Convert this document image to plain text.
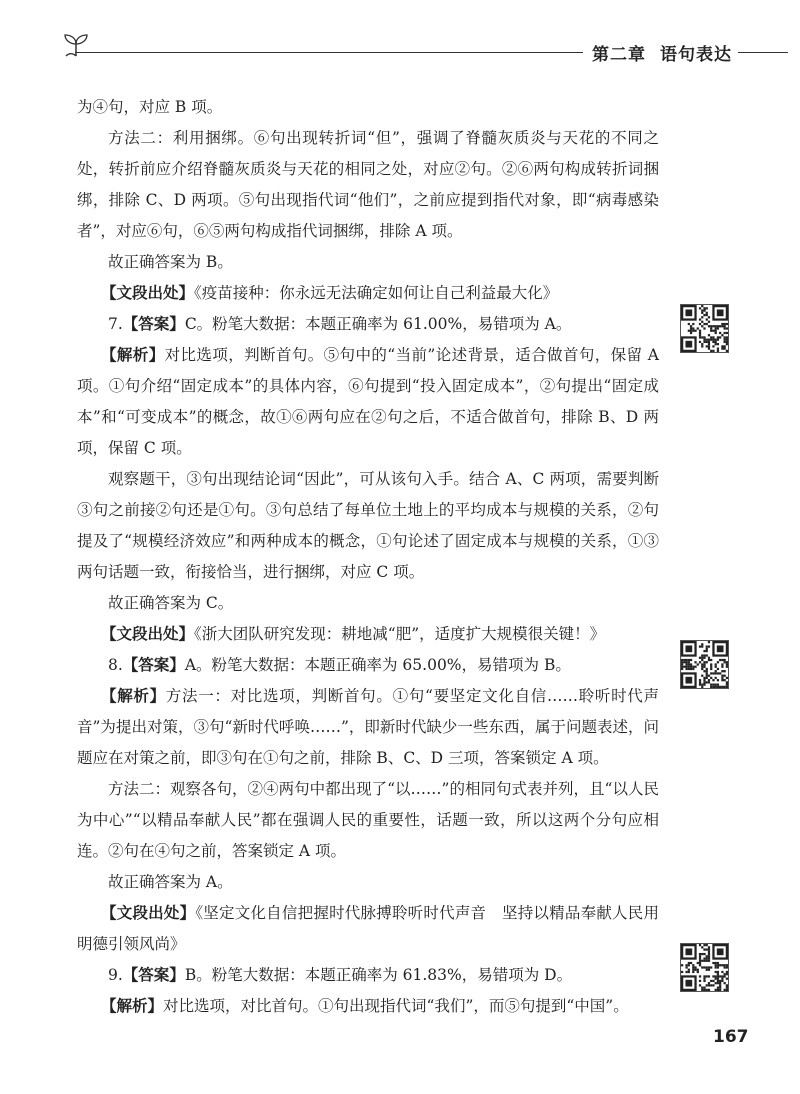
第二章 语句表达

为④句，对应 B 项。

方法二：利用捆绑。⑥句出现转折词“但”，强调了脊髓灰质炎与天花的不同之处，转折前应介绍脊髓灰质炎与天花的相同之处，对应②句。②⑥两句构成转折词捆绑，排除 C、D 两项。⑤句出现指代词“他们”，之前应提到指代对象，即“病毒感染者”，对应⑥句，⑥⑤两句构成指代词捆绑，排除 A 项。

故正确答案为 B。

【文段出处】《疫苗接种：你永远无法确定如何让自己利益最大化》

7.【答案】C。粉笔大数据：本题正确率为 61.00%，易错项为 A。

【解析】对比选项，判断首句。⑤句中的“当前”论述背景，适合做首句，保留 A 项。①句介绍“固定成本”的具体内容，⑥句提到“投入固定成本”，②句提出“固定成本”和“可变成本”的概念，故①⑥两句应在②句之后，不适合做首句，排除 B、D 两项，保留 C 项。

观察题干，③句出现结论词“因此”，可从该句入手。结合 A、C 两项，需要判断③句之前接②句还是①句。③句总结了每单位土地上的平均成本与规模的关系，②句提及了“规模经济效应”和两种成本的概念，①句论述了固定成本与规模的关系，①③两句话题一致，衔接恰当，进行捆绑，对应 C 项。

故正确答案为 C。

【文段出处】《浙大团队研究发现：耕地减“肥”，适度扩大规模很关键！》

8.【答案】A。粉笔大数据：本题正确率为 65.00%，易错项为 B。

【解析】方法一：对比选项，判断首句。①句“要坚定文化自信……聆听时代声音”为提出对策，③句“新时代呼唤……”，即新时代缺少一些东西，属于问题表述，问题应在对策之前，即③句在①句之前，排除 B、C、D 三项，答案锁定 A 项。

方法二：观察各句，②④两句中都出现了“以……”的相同句式表并列，且“以人民为中心”“以精品奉献人民”都在强调人民的重要性，话题一致，所以这两个分句应相连。②句在④句之前，答案锁定 A 项。

故正确答案为 A。

【文段出处】《坚定文化自信把握时代脉搏聆听时代声音　坚持以精品奉献人民用明德引领风尚》

9.【答案】B。粉笔大数据：本题正确率为 61.83%，易错项为 D。

【解析】对比选项，对比首句。①句出现指代词“我们”，而⑤句提到“中国”。

167
